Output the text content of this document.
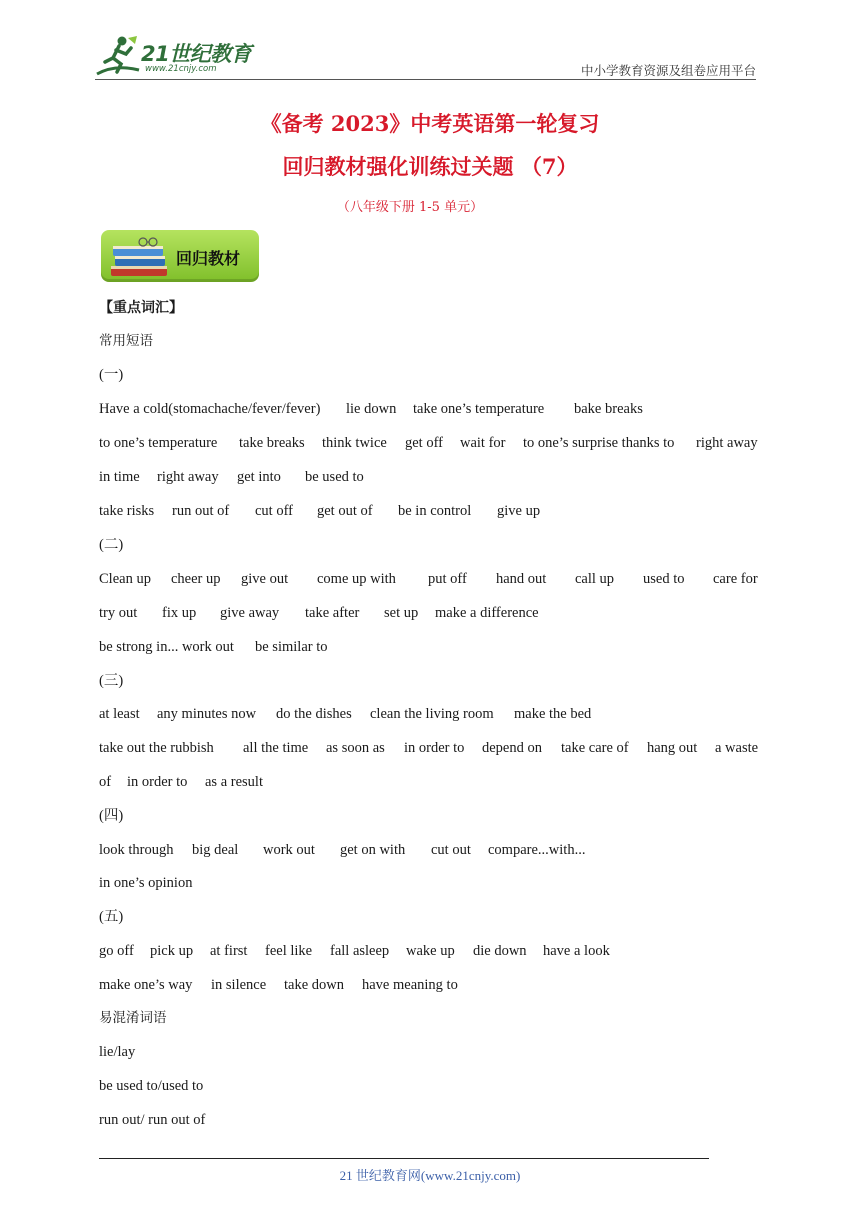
21世纪教育
www.21cnjy.com	中小学教育资源及组卷应用平台
《备考 2023》中考英语第一轮复习
回归教材强化训练过关题 （7）
（八年级下册 1-5 单元）
回归教材
【重点词汇】
常用短语
(一)
Have a cold(stomachache/fever/fever) lie down take one’s temperature bake breaks
to one’s temperature take breaks think twice get off wait for to one’s surprise thanks to right away
in time right away get into be used to
take risks run out of cut off get out of be in control give up
(二)
Clean up cheer up give out come up with put off hand out call up used to care for
try out fix up give away take after set up make a difference
be strong in... work out be similar to
(三)
at least any minutes now do the dishes clean the living room make the bed
take out the rubbish all the time as soon as in order to depend on take care of hang out a waste
of in order to as a result
(四)
look through big deal work out get on with cut out compare...with...
in one’s opinion
(五)
go off pick up at first feel like fall asleep wake up die down have a look
make one’s way in silence take down have meaning to
易混淆词语
lie/lay
be used to/used to
run out/ run out of
21 世纪教育网(www.21cnjy.com)
